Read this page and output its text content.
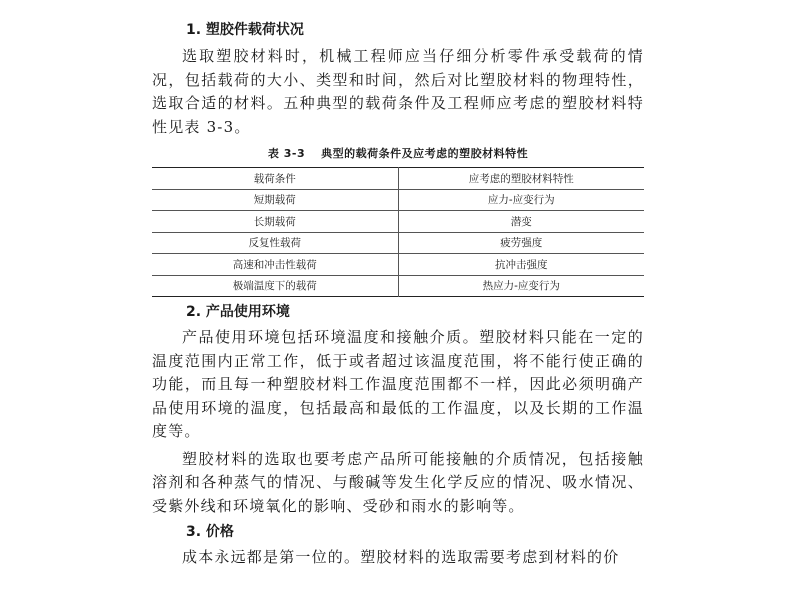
1. 塑胶件载荷状况

选取塑胶材料时，机械工程师应当仔细分析零件承受载荷的情况，包括载荷的大小、类型和时间，然后对比塑胶材料的物理特性，选取合适的材料。五种典型的载荷条件及工程师应考虑的塑胶材料特性见表 3-3。

表 3-3 典型的载荷条件及应考虑的塑胶材料特性
载荷条件	应考虑的塑胶材料特性
短期载荷	应力-应变行为
长期载荷	潜变
反复性载荷	疲劳强度
高速和冲击性载荷	抗冲击强度
极端温度下的载荷	热应力-应变行为

2. 产品使用环境

产品使用环境包括环境温度和接触介质。塑胶材料只能在一定的温度范围内正常工作，低于或者超过该温度范围，将不能行使正确的功能，而且每一种塑胶材料工作温度范围都不一样，因此必须明确产品使用环境的温度，包括最高和最低的工作温度，以及长期的工作温度等。

塑胶材料的选取也要考虑产品所可能接触的介质情况，包括接触溶剂和各种蒸气的情况、与酸碱等发生化学反应的情况、吸水情况、受紫外线和环境氧化的影响、受砂和雨水的影响等。

3. 价格

成本永远都是第一位的。塑胶材料的选取需要考虑到材料的价
